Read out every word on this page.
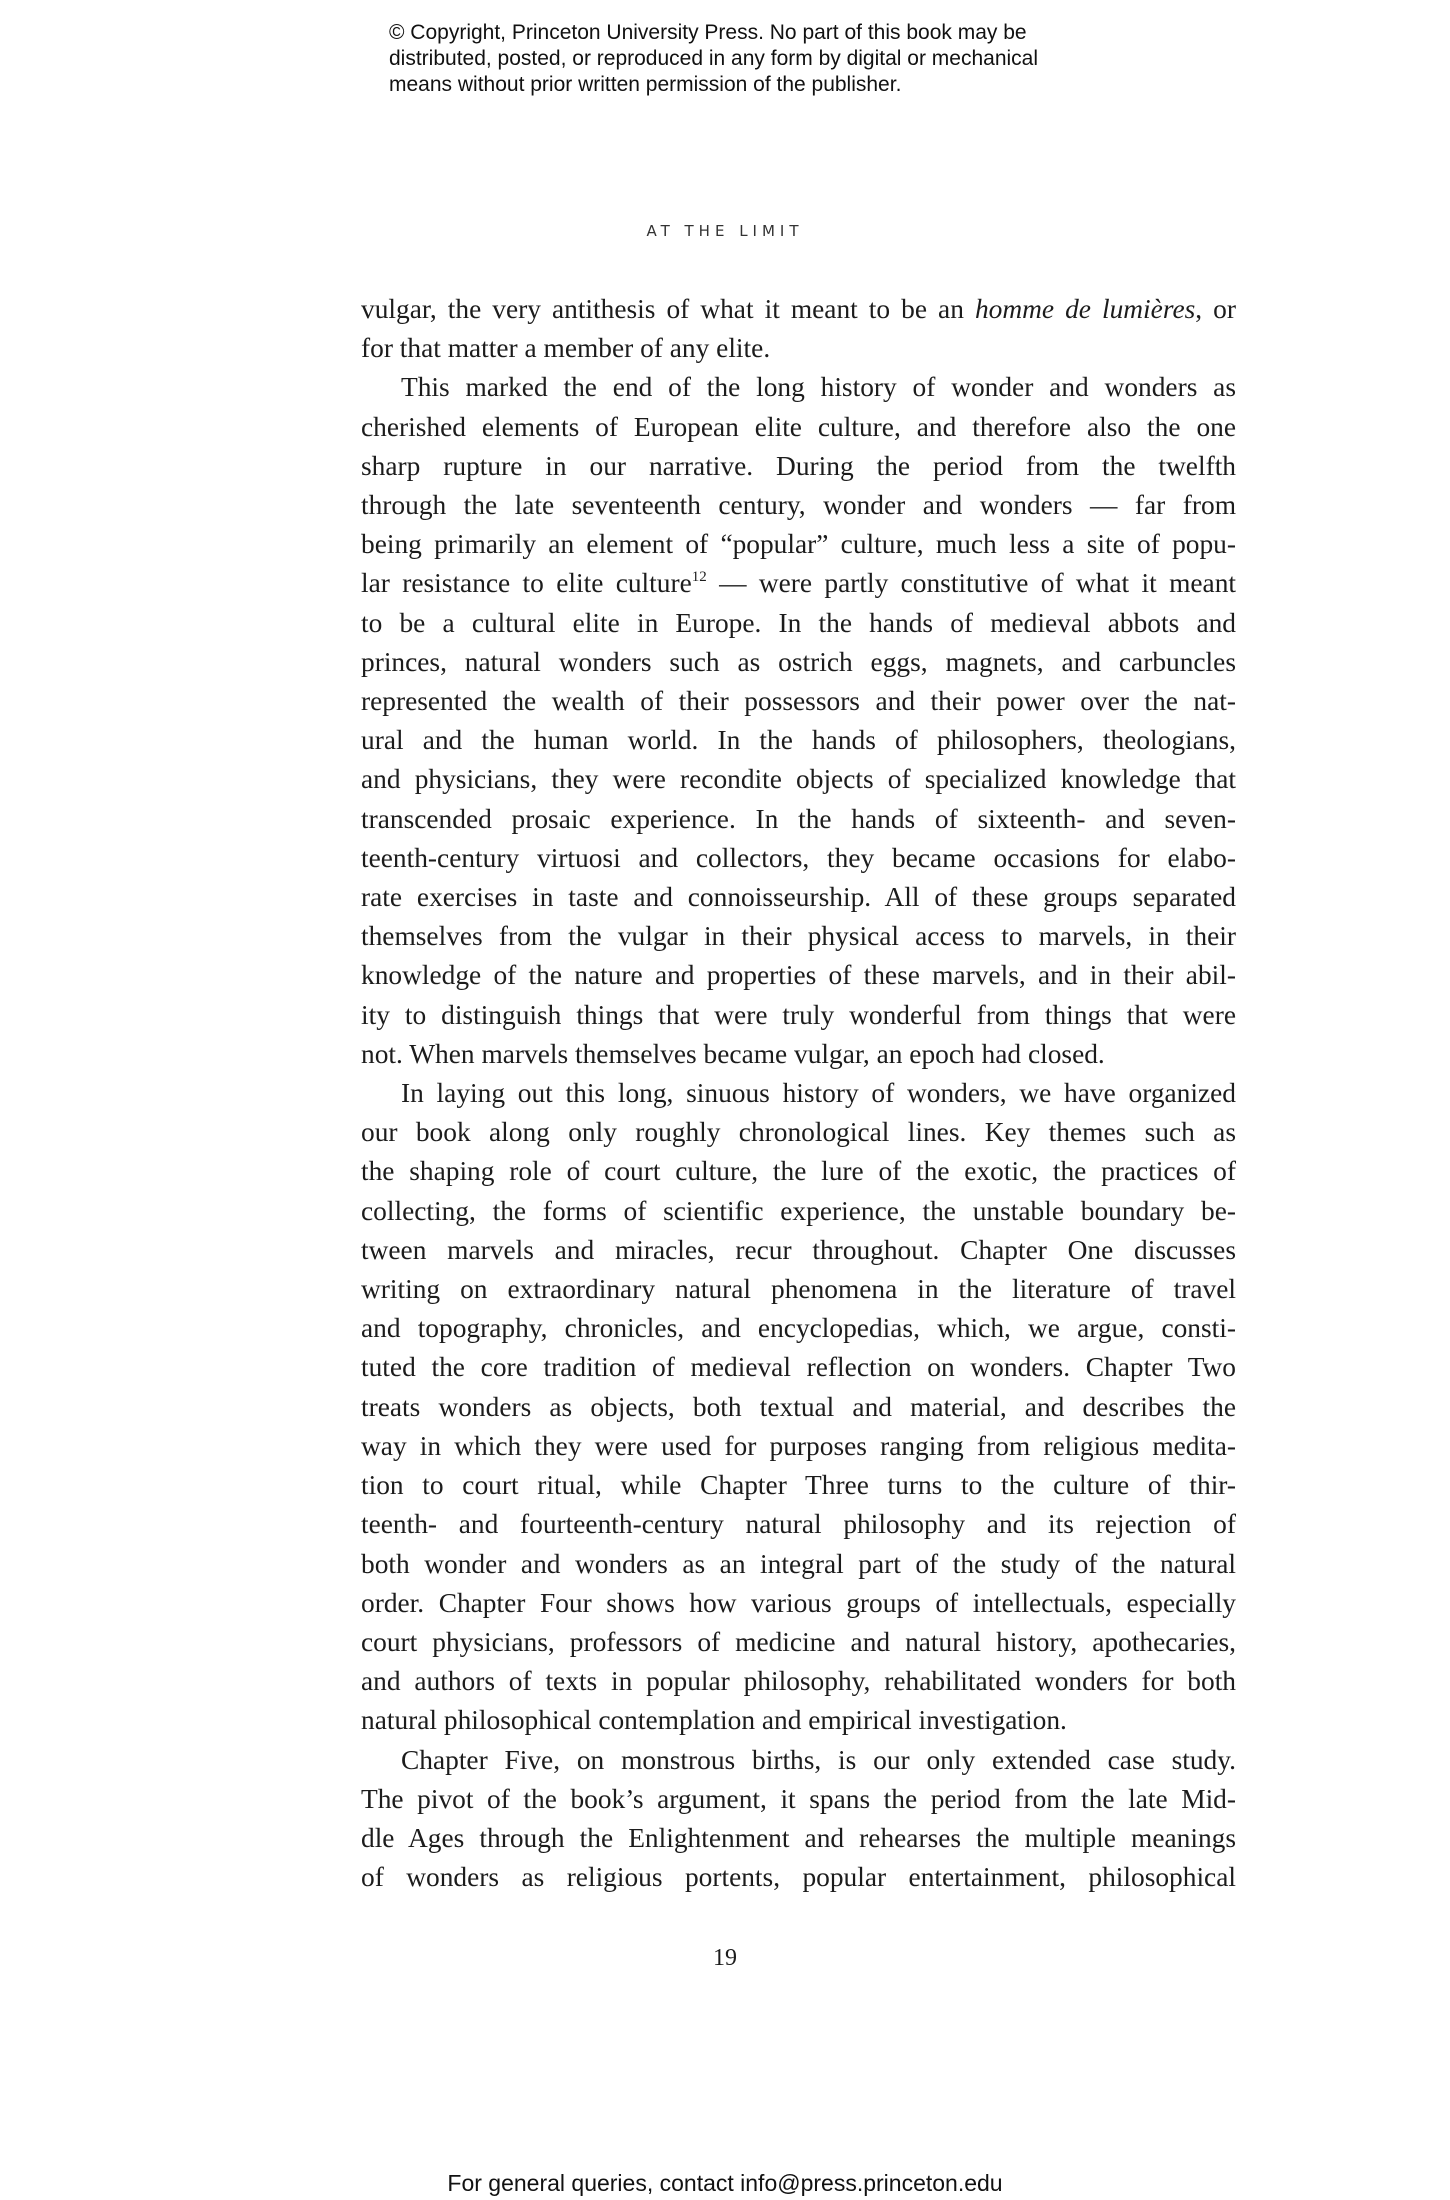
© Copyright, Princeton University Press. No part of this book may be
distributed, posted, or reproduced in any form by digital or mechanical
means without prior written permission of the publisher.
AT THE LIMIT

vulgar, the very antithesis of what it meant to be an homme de lumières, or
for that matter a member of any elite.

This marked the end of the long history of wonder and wonders as
cherished elements of European elite culture, and therefore also the one
sharp rupture in our narrative. During the period from the twelfth
through the late seventeenth century, wonder and wonders — far from
being primarily an element of “popular” culture, much less a site of popu-
lar resistance to elite culture$^{12}$ — were partly constitutive of what it meant
to be a cultural elite in Europe. In the hands of medieval abbots and
princes, natural wonders such as ostrich eggs, magnets, and carbuncles
represented the wealth of their possessors and their power over the nat-
ural and the human world. In the hands of philosophers, theologians,
and physicians, they were recondite objects of specialized knowledge that
transcended prosaic experience. In the hands of sixteenth- and seven-
teenth-century virtuosi and collectors, they became occasions for elabo-
rate exercises in taste and connoisseurship. All of these groups separated
themselves from the vulgar in their physical access to marvels, in their
knowledge of the nature and properties of these marvels, and in their abil-
ity to distinguish things that were truly wonderful from things that were
not. When marvels themselves became vulgar, an epoch had closed.

In laying out this long, sinuous history of wonders, we have organized
our book along only roughly chronological lines. Key themes such as
the shaping role of court culture, the lure of the exotic, the practices of
collecting, the forms of scientific experience, the unstable boundary be-
tween marvels and miracles, recur throughout. Chapter One discusses
writing on extraordinary natural phenomena in the literature of travel
and topography, chronicles, and encyclopedias, which, we argue, consti-
tuted the core tradition of medieval reflection on wonders. Chapter Two
treats wonders as objects, both textual and material, and describes the
way in which they were used for purposes ranging from religious medita-
tion to court ritual, while Chapter Three turns to the culture of thir-
teenth- and fourteenth-century natural philosophy and its rejection of
both wonder and wonders as an integral part of the study of the natural
order. Chapter Four shows how various groups of intellectuals, especially
court physicians, professors of medicine and natural history, apothecaries,
and authors of texts in popular philosophy, rehabilitated wonders for both
natural philosophical contemplation and empirical investigation.

Chapter Five, on monstrous births, is our only extended case study.
The pivot of the book’s argument, it spans the period from the late Mid-
dle Ages through the Enlightenment and rehearses the multiple meanings
of wonders as religious portents, popular entertainment, philosophical

19
For general queries, contact info@press.princeton.edu
